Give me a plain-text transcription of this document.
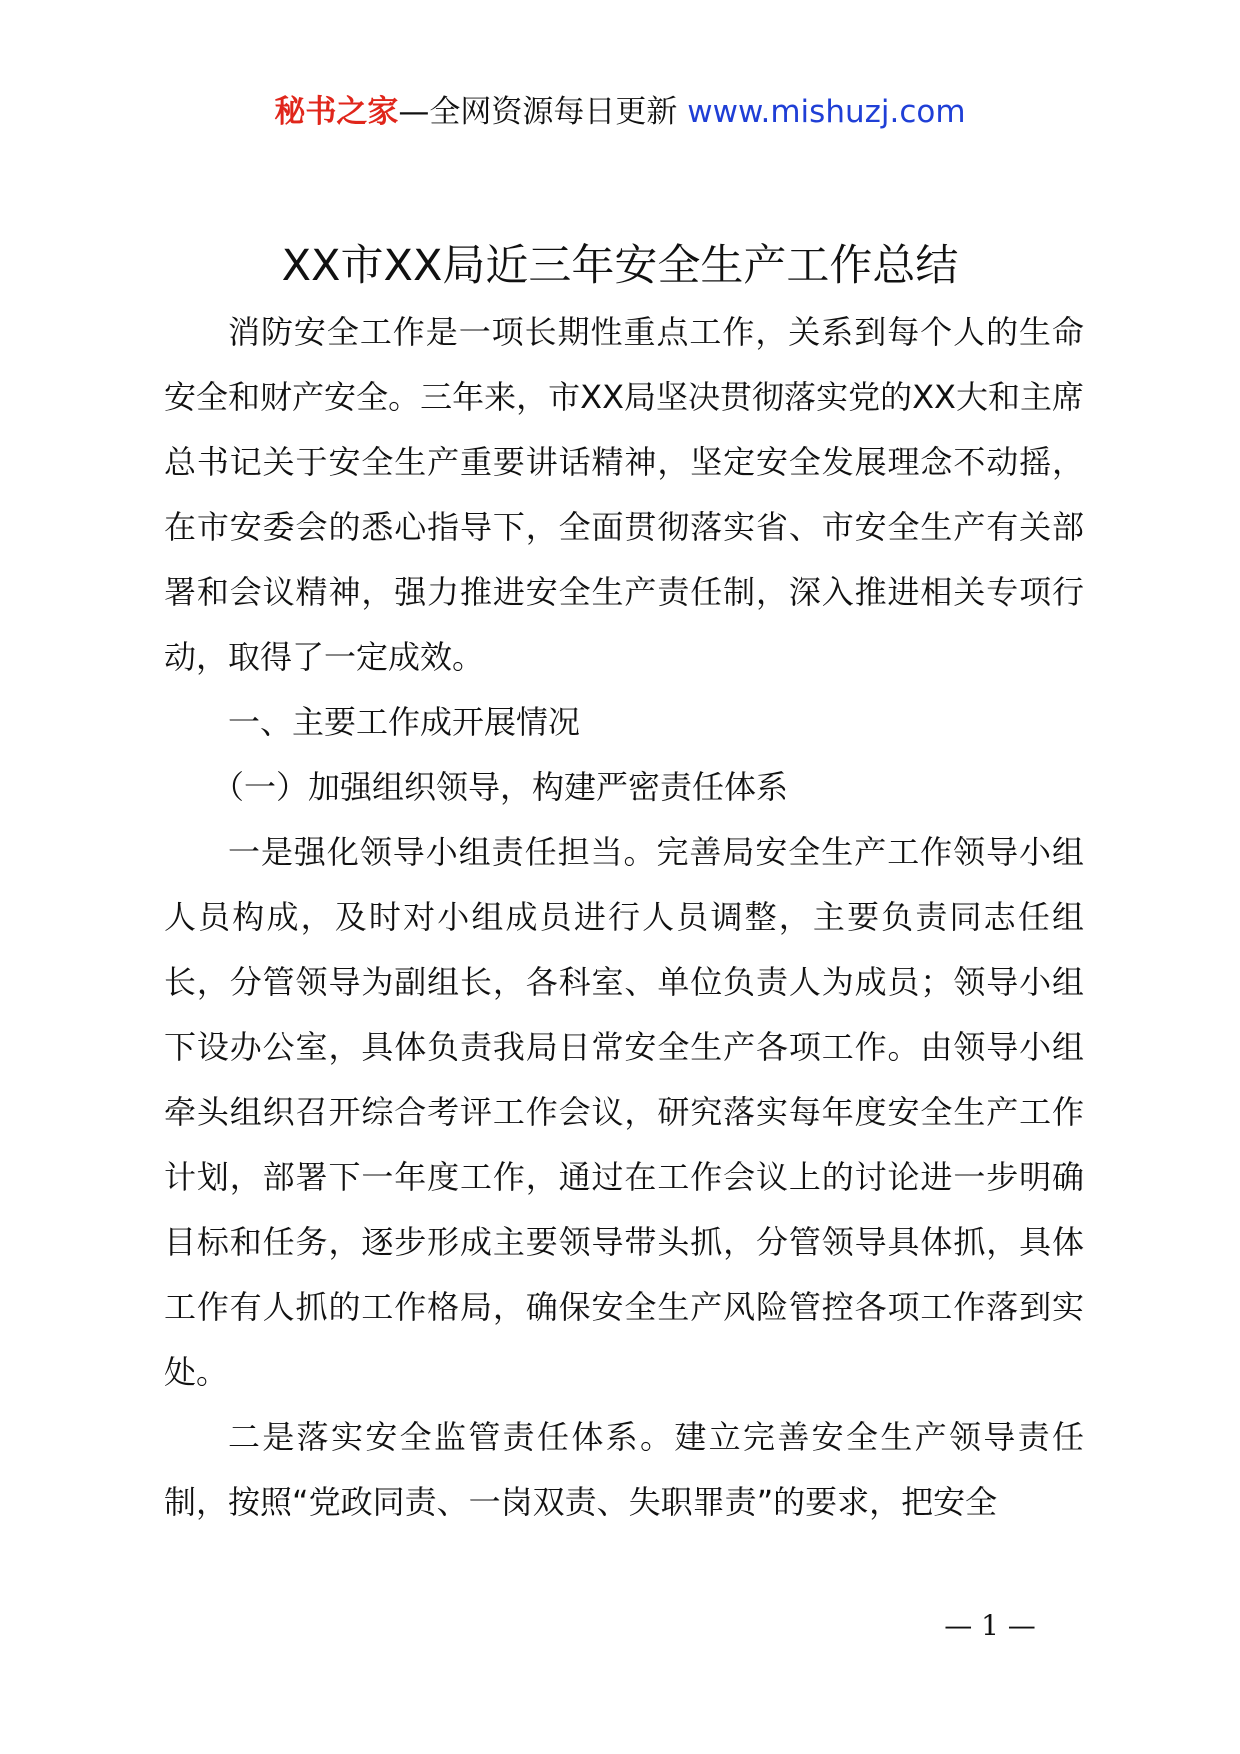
秘书之家—全网资源每日更新 www.mishuzj.com
XX市XX局近三年安全生产工作总结

消防安全工作是一项长期性重点工作，关系到每个人的生命安全和财产安全。三年来，市XX局坚决贯彻落实党的XX大和主席总书记关于安全生产重要讲话精神，坚定安全发展理念不动摇，在市安委会的悉心指导下，全面贯彻落实省、市安全生产有关部署和会议精神，强力推进安全生产责任制，深入推进相关专项行动，取得了一定成效。

一、主要工作成开展情况

（一）加强组织领导，构建严密责任体系

一是强化领导小组责任担当。完善局安全生产工作领导小组人员构成，及时对小组成员进行人员调整，主要负责同志任组长，分管领导为副组长，各科室、单位负责人为成员；领导小组下设办公室，具体负责我局日常安全生产各项工作。由领导小组牵头组织召开综合考评工作会议，研究落实每年度安全生产工作计划，部署下一年度工作，通过在工作会议上的讨论进一步明确目标和任务，逐步形成主要领导带头抓，分管领导具体抓，具体工作有人抓的工作格局，确保安全生产风险管控各项工作落到实处。

二是落实安全监管责任体系。建立完善安全生产领导责任制，按照“党政同责、一岗双责、失职罪责”的要求，把安全

— 1 —
